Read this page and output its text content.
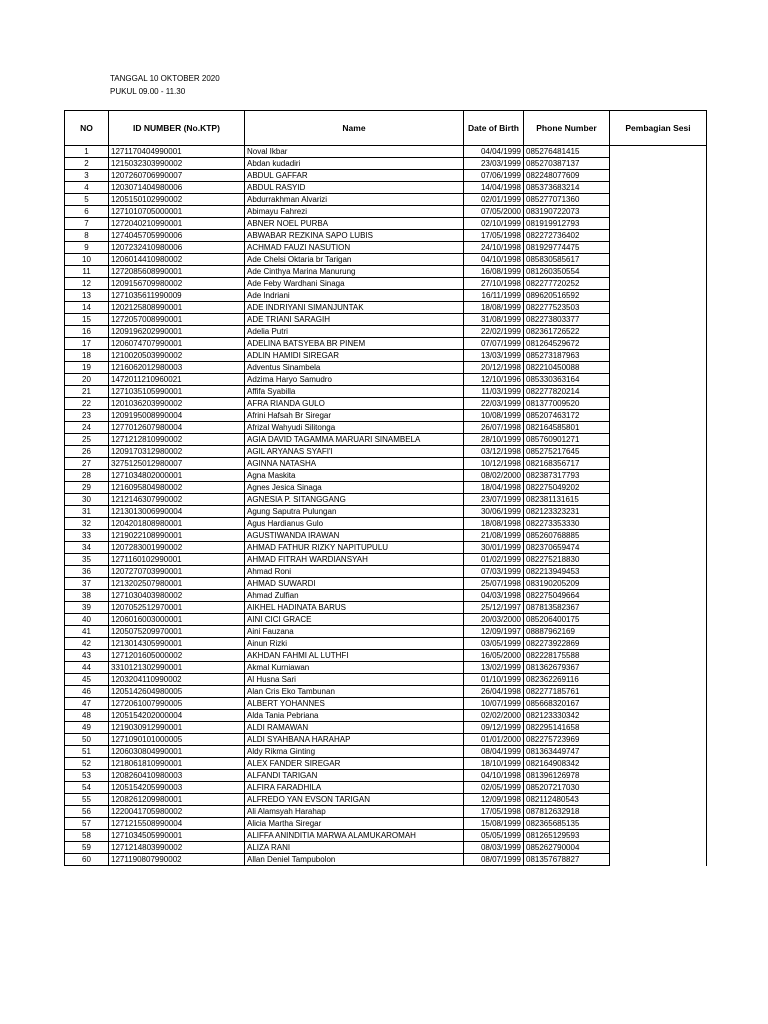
TANGGAL 10 OKTOBER 2020
PUKUL 09.00 - 11.30
NO	ID NUMBER (No.KTP)	Name	Date of Birth	Phone Number	Pembagian Sesi
1	1271170404990001	Noval Ikbar	04/04/1999	085276481415	
2	1215032303990002	Abdan kudadiri	23/03/1999	085270387137	
3	1207260706990007	ABDUL GAFFAR	07/06/1999	082248077609	
4	1203071404980006	ABDUL RASYID	14/04/1998	085373683214	
5	1205150102990002	Abdurrakhman Alvarizi	02/01/1999	085277071360	
6	1271010705000001	Abimayu Fahrezi	07/05/2000	083190722073	
7	1272040210990001	ABNER NOEL PURBA	02/10/1999	081919912793	
8	1274045705990006	ABWABAR REZKINA SAPO LUBIS	17/05/1998	082272736402	
9	1207232410980006	ACHMAD FAUZI NASUTION	24/10/1998	081929774475	
10	1206014410980002	Ade Chelsi Oktaria br Tarigan	04/10/1998	085830585617	
11	1272085608990001	Ade Cinthya Marina Manurung	16/08/1999	081260350554	
12	1209156709980002	Ade Feby Wardhani Sinaga	27/10/1998	082277720252	
13	1271035611990009	Ade Indriani	16/11/1999	089620516592	
14	1202125808990001	ADE INDRIYANI SIMANJUNTAK	18/08/1999	082277523503	
15	1272057008990001	ADE TRIANI SARAGIH	31/08/1999	082273803377	
16	1209196202990001	Adelia Putri	22/02/1999	082361726522	
17	1206074707990001	ADELINA BATSYEBA BR PINEM	07/07/1999	081264529672	
18	1210020503990002	ADLIN HAMIDI SIREGAR	13/03/1999	085273187963	
19	1216062012980003	Adventus Sinambela	20/12/1998	082210450088	
20	1472011210960021	Adzima Haryo Samudro	12/10/1996	085330363164	
21	1271035105990001	Affifa Syabilla	11/03/1999	082277820214	
22	1201036203990002	AFRA RIANDA GULO	22/03/1999	081377009520	
23	1209195008990004	Afrini Hafsah Br Siregar	10/08/1999	085207463172	
24	1277012607980004	Afrizal Wahyudi Silitonga	26/07/1998	082164585801	
25	1271212810990002	AGIA DAVID TAGAMMA MARUARI SINAMBELA	28/10/1999	085760901271	
26	1209170312980002	AGIL ARYANAS SYAFI'I	03/12/1998	085275217645	
27	3275125012980007	AGINNA NATASHA	10/12/1998	082168356717	
28	1271034802000001	Agna Maskita	08/02/2000	082387317793	
29	1216095804980002	Agnes Jesica Sinaga	18/04/1998	082275049202	
30	1212146307990002	AGNESIA P. SITANGGANG	23/07/1999	082381131615	
31	1213013006990004	Agung Saputra Pulungan	30/06/1999	082123323231	
32	1204201808980001	Agus Hardianus Gulo	18/08/1998	082273353330	
33	1219022108990001	AGUSTIWANDA IRAWAN	21/08/1999	085260768885	
34	1207283001990002	AHMAD FATHUR RIZKY NAPITUPULU	30/01/1999	082370659474	
35	1271160102990001	AHMAD FITRAH WARDIANSYAH	01/02/1999	082275218830	
36	1207270703990001	Ahmad Roni	07/03/1999	082213949453	
37	1213202507980001	AHMAD SUWARDI	25/07/1998	083190205209	
38	1271030403980002	Ahmad Zulfian	04/03/1998	082275049664	
39	1207052512970001	AIKHEL HADINATA BARUS	25/12/1997	087813582367	
40	1206016003000001	AINI CICI GRACE	20/03/2000	085206400175	
41	1205075209970001	Aini Fauzana	12/09/1997	08887962169	
42	1213014305990001	Ainun Rizki	03/05/1999	082273922869	
43	1271201605000002	AKHDAN FAHMI AL LUTHFI	16/05/2000	082228175588	
44	3310121302990001	Akmal Kurniawan	13/02/1999	081362679367	
45	1203204110990002	Al Husna Sari	01/10/1999	082362269116	
46	1205142604980005	Alan Cris Eko Tambunan	26/04/1998	082277185761	
47	1272061007990005	ALBERT YOHANNES	10/07/1999	085668320167	
48	1205154202000004	Alda Tania Pebriana	02/02/2000	082123330342	
49	1219030912990001	ALDI RAMAWAN	09/12/1999	082295141658	
50	1271090101000005	ALDI SYAHBANA HARAHAP	01/01/2000	082275723969	
51	1206030804990001	Aldy Rikma Ginting	08/04/1999	081363449747	
52	1218061810990001	ALEX FANDER SIREGAR	18/10/1999	082164908342	
53	1208260410980003	ALFANDI TARIGAN	04/10/1998	081396126978	
54	1205154205990003	ALFIRA FARADHILA	02/05/1999	085207217030	
55	1208261209980001	ALFREDO YAN EVSON TARIGAN	12/09/1998	082112480543	
56	1220041705980002	Ali Alamsyah Harahap	17/05/1998	087812632918	
57	1271215508990004	Alicia Martha Siregar	15/08/1999	082365685135	
58	1271034505990001	ALIFFA ANINDITIA MARWA ALAMUKAROMAH	05/05/1999	081265129593	
59	1271214803990002	ALIZA RANI	08/03/1999	085262790004	
60	1271190807990002	Allan Deniel Tampubolon	08/07/1999	081357678827	
